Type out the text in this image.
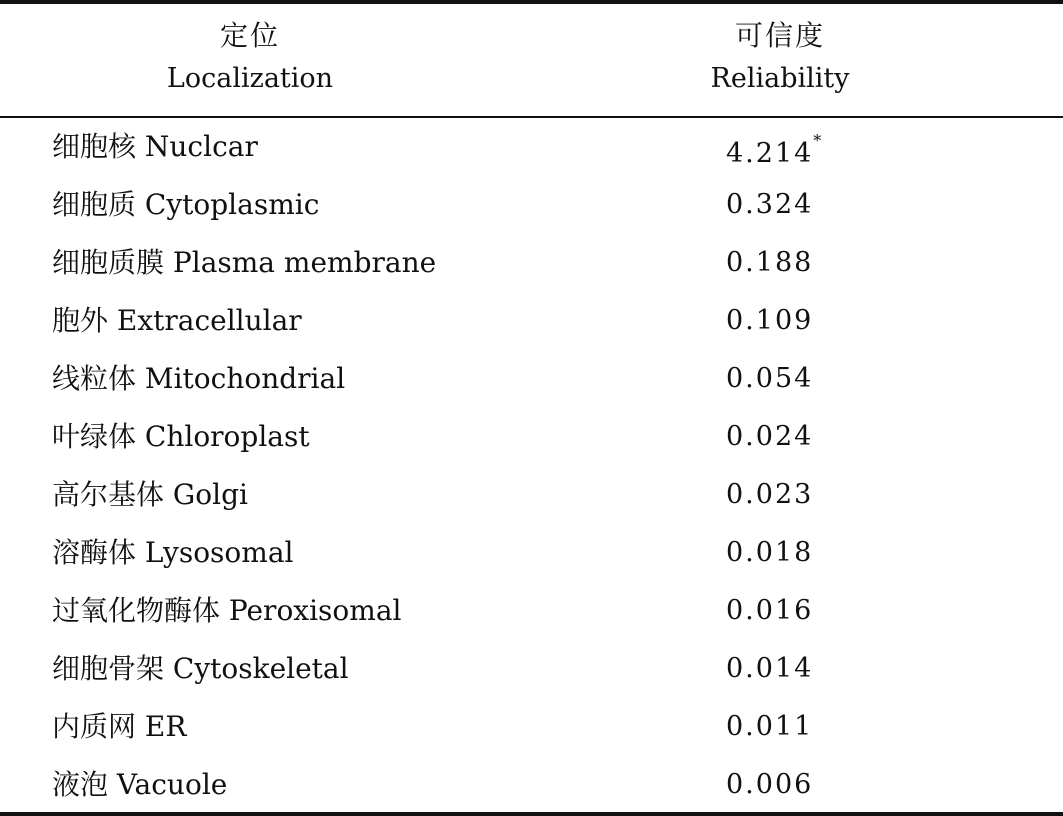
定位
Localization
可信度
Reliability
细胞核 Nuclcar	4.214*
细胞质 Cytoplasmic	0.324
细胞质膜 Plasma membrane	0.188
胞外 Extracellular	0.109
线粒体 Mitochondrial	0.054
叶绿体 Chloroplast	0.024
高尔基体 Golgi	0.023
溶酶体 Lysosomal	0.018
过氧化物酶体 Peroxisomal	0.016
细胞骨架 Cytoskeletal	0.014
内质网 ER	0.011
液泡 Vacuole	0.006
